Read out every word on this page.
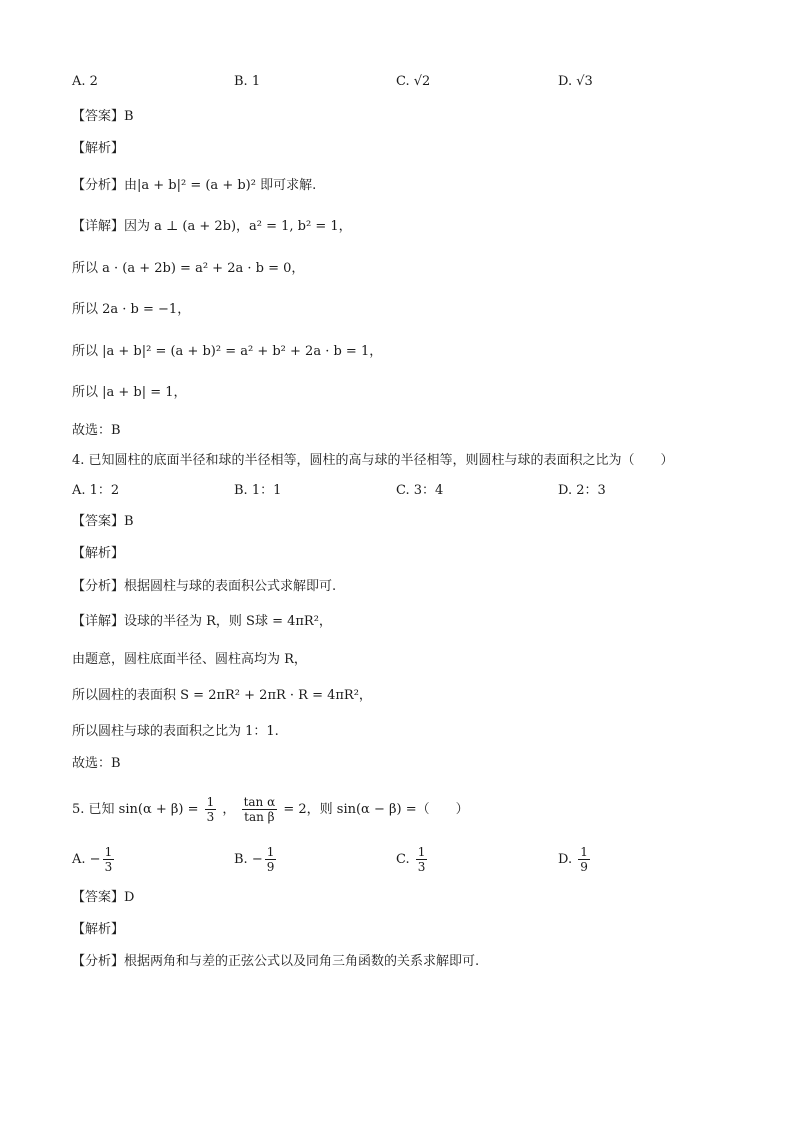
A. 2	B. 1	C. √2	D. √3
【答案】B
【解析】
【分析】由|a + b|² = (a + b)² 即可求解.
【详解】因为 a ⊥ (a + 2b)，a² = 1, b² = 1，
所以 a · (a + 2b) = a² + 2a · b = 0，
所以 2a · b = −1，
所以 |a + b|² = (a + b)² = a² + b² + 2a · b = 1，
所以 |a + b| = 1，
故选：B
4. 已知圆柱的底面半径和球的半径相等，圆柱的高与球的半径相等，则圆柱与球的表面积之比为（　　）
A. 1：2	B. 1：1	C. 3：4	D. 2：3
【答案】B
【解析】
【分析】根据圆柱与球的表面积公式求解即可.
【详解】设球的半径为 R，则 S球 = 4πR²，
由题意，圆柱底面半径、圆柱高均为 R，
所以圆柱的表面积 S = 2πR² + 2πR · R = 4πR²，
所以圆柱与球的表面积之比为 1：1.
故选：B
5. 已知 $\sin(\alpha + \beta) = \frac{1}{3}$ ， $\frac{\text{tan α}}{\text{tan β}} = 2$，则 sin(α − β) =（　　）
A. − $\frac{1}{3}$	B. − $\frac{1}{9}$	C. $\frac{1}{3}$	D. $\frac{1}{9}$
【答案】D
【解析】
【分析】根据两角和与差的正弦公式以及同角三角函数的关系求解即可.
